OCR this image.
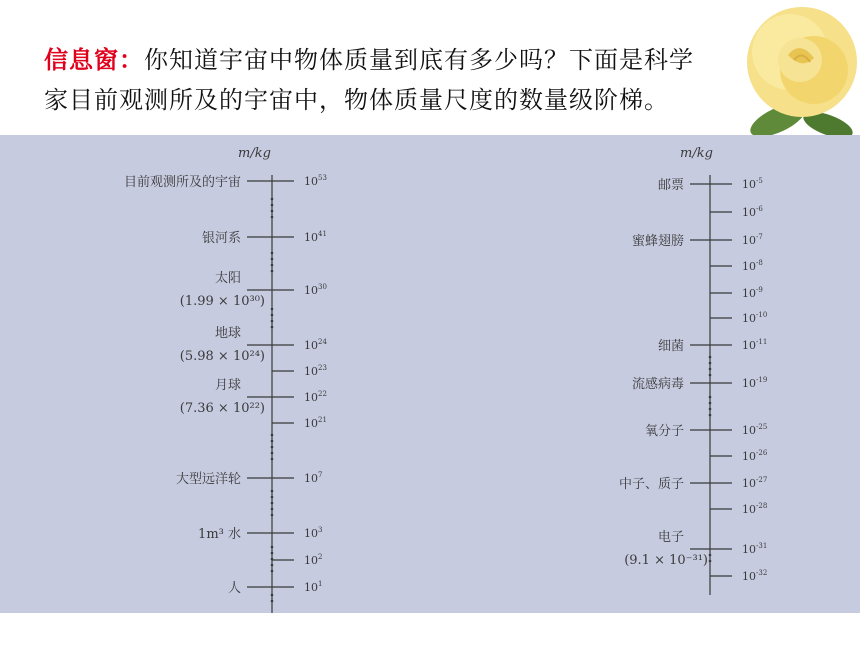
信息窗：你知道宇宙中物体质量到底有多少吗？下面是科学
家目前观测所及的宇宙中，物体质量尺度的数量级阶梯。
m/kg
$10^{53}$
目前观测所及的宇宙
$10^{41}$
银河系
$10^{30}$
太阳
(1.99 × 10³⁰)
$10^{24}$
地球
(5.98 × 10²⁴)
$10^{23}$
$10^{22}$
月球
(7.36 × 10²²)
$10^{21}$
$10^7$
大型远洋轮
$10^3$
1m³ 水
$10^2$
$10^1$
人
m/kg
$10^{-5}$
邮票
$10^{-6}$
$10^{-7}$
蜜蜂翅膀
$10^{-8}$
$10^{-9}$
$10^{-10}$
$10^{-11}$
细菌
$10^{-19}$
流感病毒
$10^{-25}$
氧分子
$10^{-26}$
$10^{-27}$
中子、质子
$10^{-28}$
$10^{-31}$
电子
(9.1 × 10⁻³¹)
$10^{-32}$
